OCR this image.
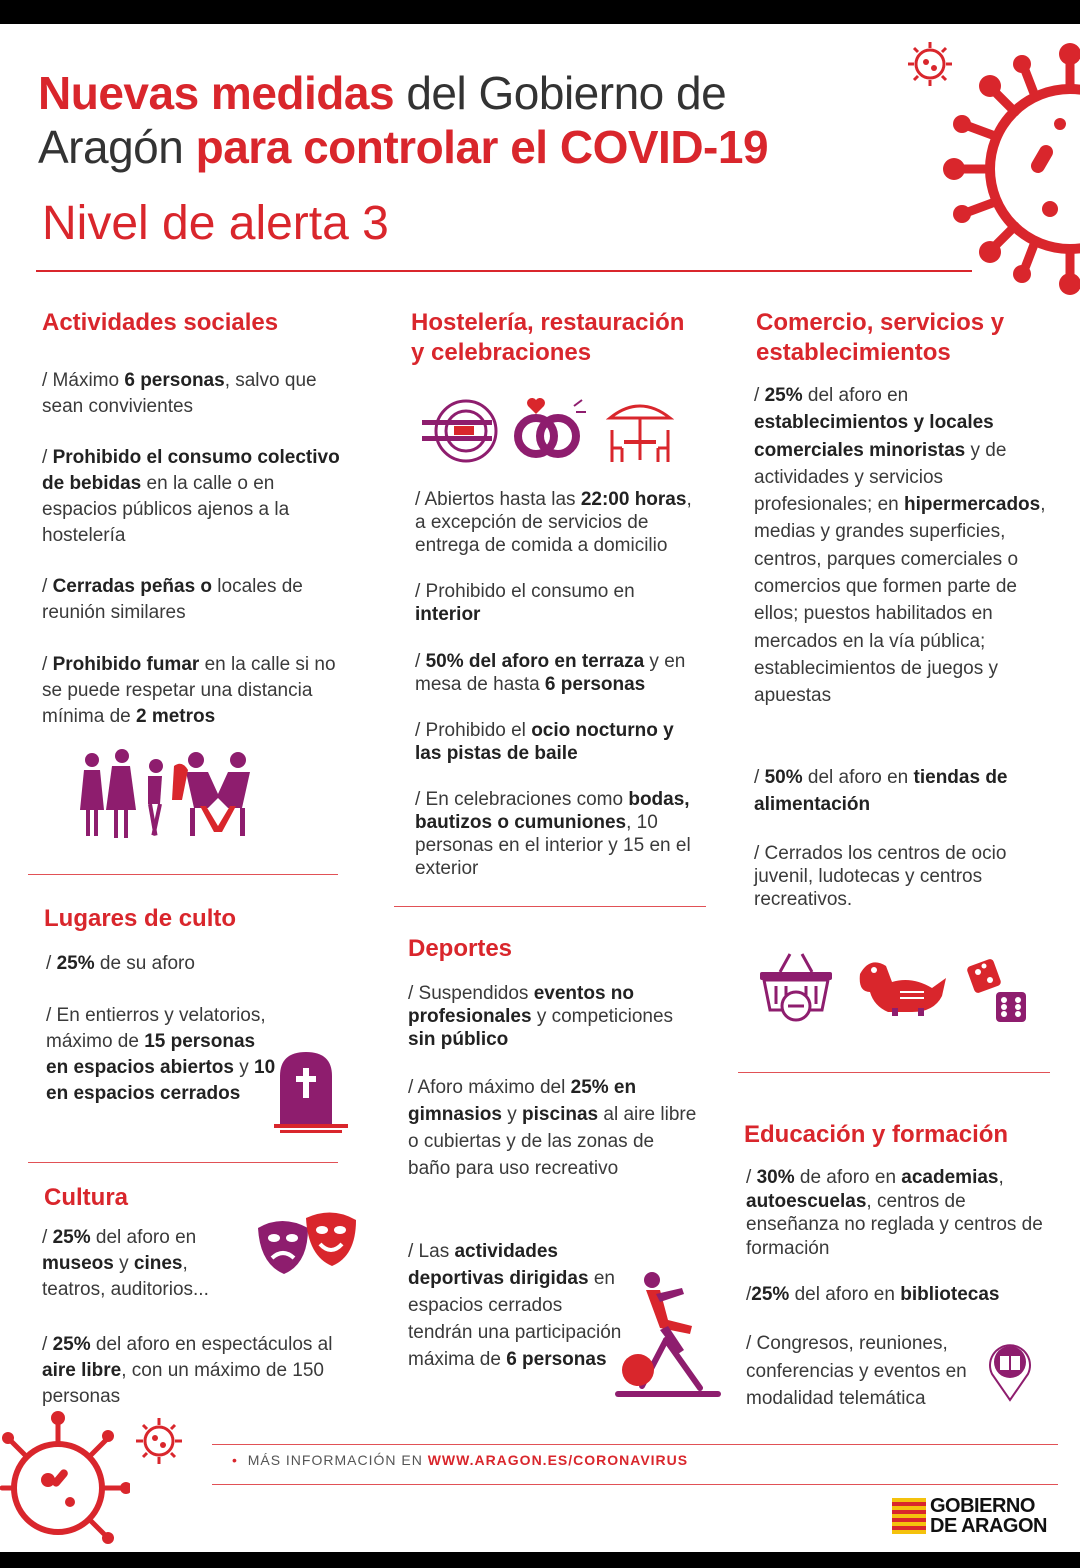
Nuevas medidas del Gobierno de
Aragón para controlar el COVID-19
Nivel de alerta 3
Actividades sociales
/ Máximo 6 personas, salvo que sean convivientes
/ Prohibido el consumo colectivo de bebidas en la calle o en espacios públicos ajenos a la hostelería
/ Cerradas peñas o locales de reunión similares
/ Prohibido fumar en la calle si no se puede respetar una distancia mínima de 2 metros
Lugares de culto
/ 25% de su aforo
/ En entierros y velatorios, máximo de 15 personas en espacios abiertos y 10 en espacios cerrados
Cultura
/ 25% del aforo en museos y cines, teatros, auditorios...
/ 25% del aforo en espectáculos al aire libre, con un máximo de 150 personas
Hostelería, restauración y celebraciones
/ Abiertos hasta las 22:00 horas, a excepción de servicios de entrega de comida a domicilio
/ Prohibido el consumo en interior
/ 50% del aforo en terraza y en mesa de hasta 6 personas
/ Prohibido el ocio nocturno y las pistas de baile
/ En celebraciones como bodas, bautizos o cumuniones, 10 personas en el interior y 15 en el exterior
Deportes
/ Suspendidos eventos no profesionales y competiciones sin público
/ Aforo máximo del 25% en gimnasios y piscinas al aire libre o cubiertas y de las zonas de baño para uso recreativo
/ Las actividades deportivas dirigidas en espacios cerrados tendrán una participación máxima de 6 personas
Comercio, servicios y establecimientos
/ 25% del aforo en establecimientos y locales comerciales minoristas y de actividades y servicios profesionales; en hipermercados, medias y grandes superficies, centros, parques comerciales o comercios que formen parte de ellos; puestos habilitados en mercados en la vía pública; establecimientos de juegos y apuestas
/ 50% del aforo en tiendas de alimentación
/ Cerrados los centros de ocio juvenil, ludotecas y centros recreativos.
Educación y formación
/ 30% de aforo en academias, autoescuelas, centros de enseñanza no reglada y centros de formación
/25% del aforo en bibliotecas
/ Congresos, reuniones, conferencias y eventos en modalidad telemática
•  MÁS INFORMACIÓN EN WWW.ARAGON.ES/CORONAVIRUS
GOBIERNO
DE ARAGON
